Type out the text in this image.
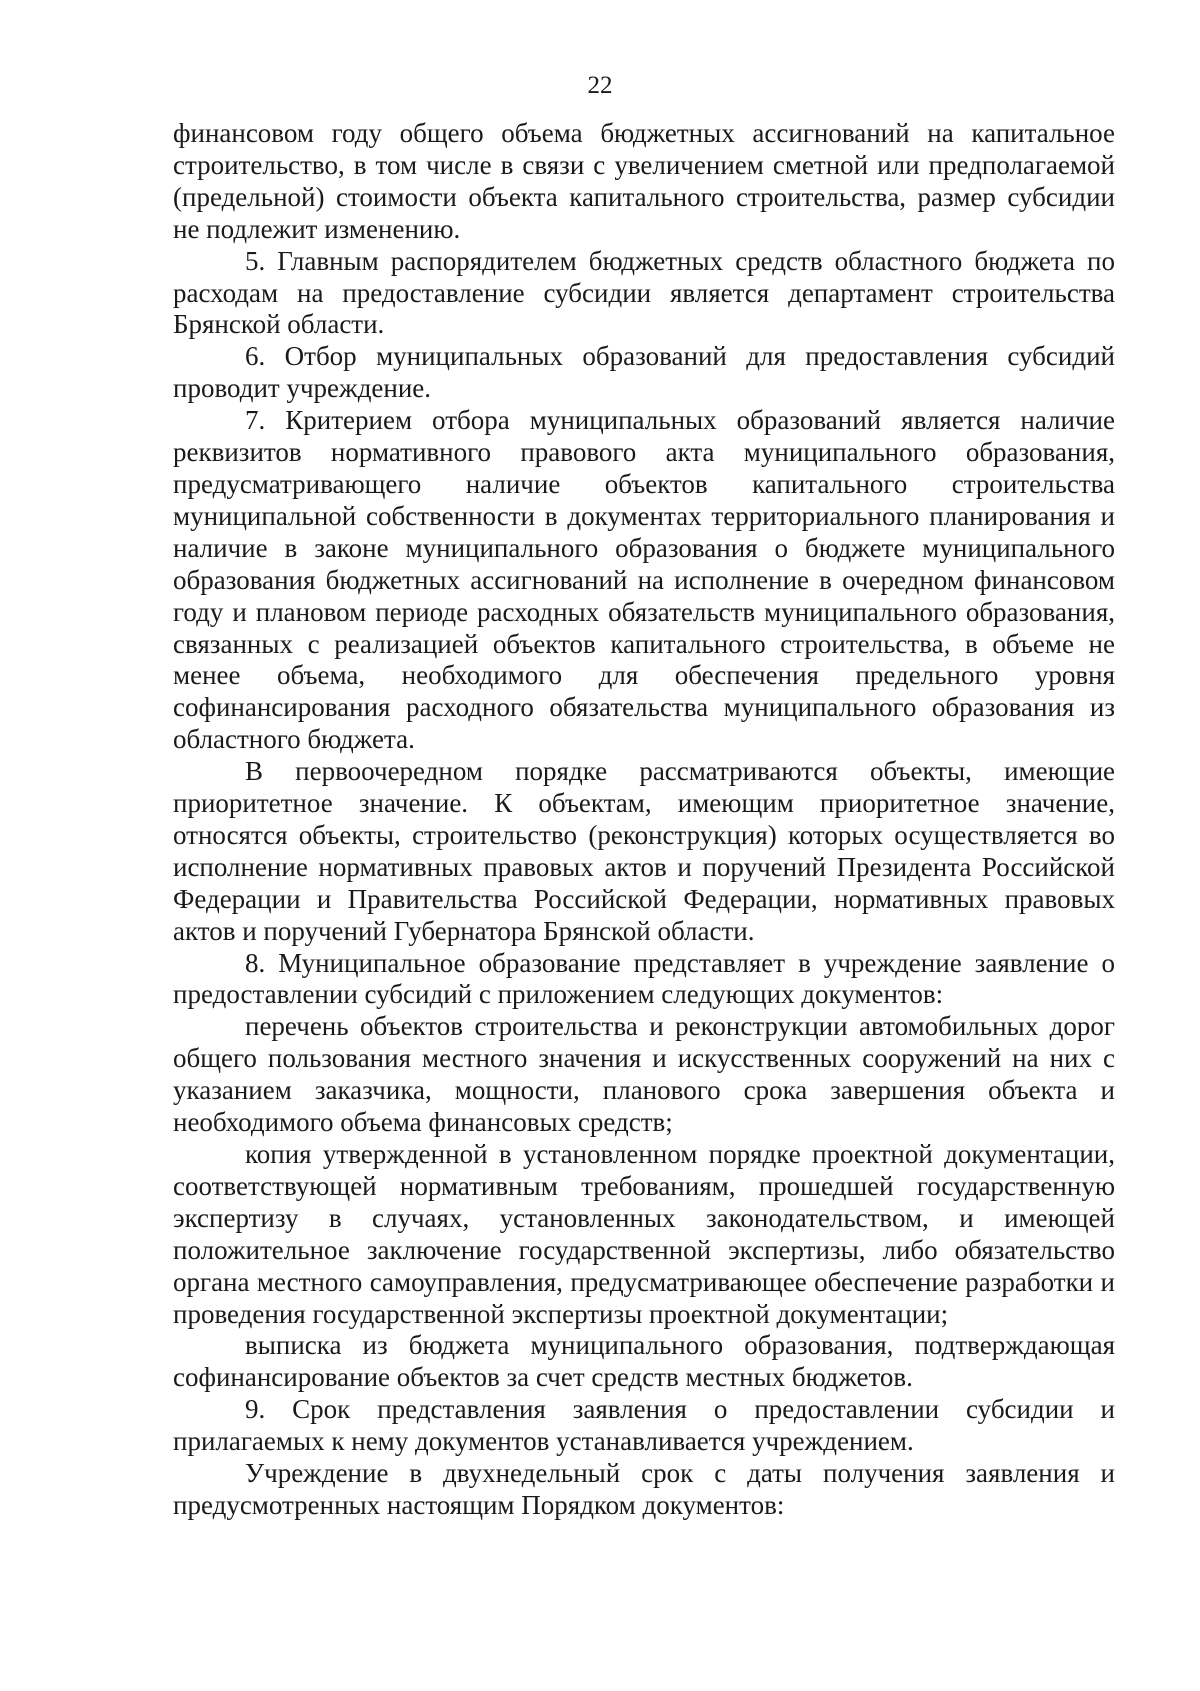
22

финансовом году общего объема бюджетных ассигнований на капитальное строительство, в том числе в связи с увеличением сметной или предполагаемой (предельной) стоимости объекта капитального строительства, размер субсидии не подлежит изменению.

5. Главным распорядителем бюджетных средств областного бюджета по расходам на предоставление субсидии является департамент строительства Брянской области.

6. Отбор муниципальных образований для предоставления субсидий проводит учреждение.

7. Критерием отбора муниципальных образований является наличие реквизитов нормативного правового акта муниципального образования, предусматривающего наличие объектов капитального строительства муниципальной собственности в документах территориального планирования и наличие в законе муниципального образования о бюджете муниципального образования бюджетных ассигнований на исполнение в очередном финансовом году и плановом периоде расходных обязательств муниципального образования, связанных с реализацией объектов капитального строительства, в объеме не менее объема, необходимого для обеспечения предельного уровня софинансирования расходного обязательства муниципального образования из областного бюджета.

В первоочередном порядке рассматриваются объекты, имеющие приоритетное значение. К объектам, имеющим приоритетное значение, относятся объекты, строительство (реконструкция) которых осуществляется во исполнение нормативных правовых актов и поручений Президента Российской Федерации и Правительства Российской Федерации, нормативных правовых актов и поручений Губернатора Брянской области.

8. Муниципальное образование представляет в учреждение заявление о предоставлении субсидий с приложением следующих документов:

перечень объектов строительства и реконструкции автомобильных дорог общего пользования местного значения и искусственных сооружений на них с указанием заказчика, мощности, планового срока завершения объекта и необходимого объема финансовых средств;

копия утвержденной в установленном порядке проектной документации, соответствующей нормативным требованиям, прошедшей государственную экспертизу в случаях, установленных законодательством, и имеющей положительное заключение государственной экспертизы, либо обязательство органа местного самоуправления, предусматривающее обеспечение разработки и проведения государственной экспертизы проектной документации;

выписка из бюджета муниципального образования, подтверждающая софинансирование объектов за счет средств местных бюджетов.

9. Срок представления заявления о предоставлении субсидии и прилагаемых к нему документов устанавливается учреждением.

Учреждение в двухнедельный срок с даты получения заявления и предусмотренных настоящим Порядком документов:
